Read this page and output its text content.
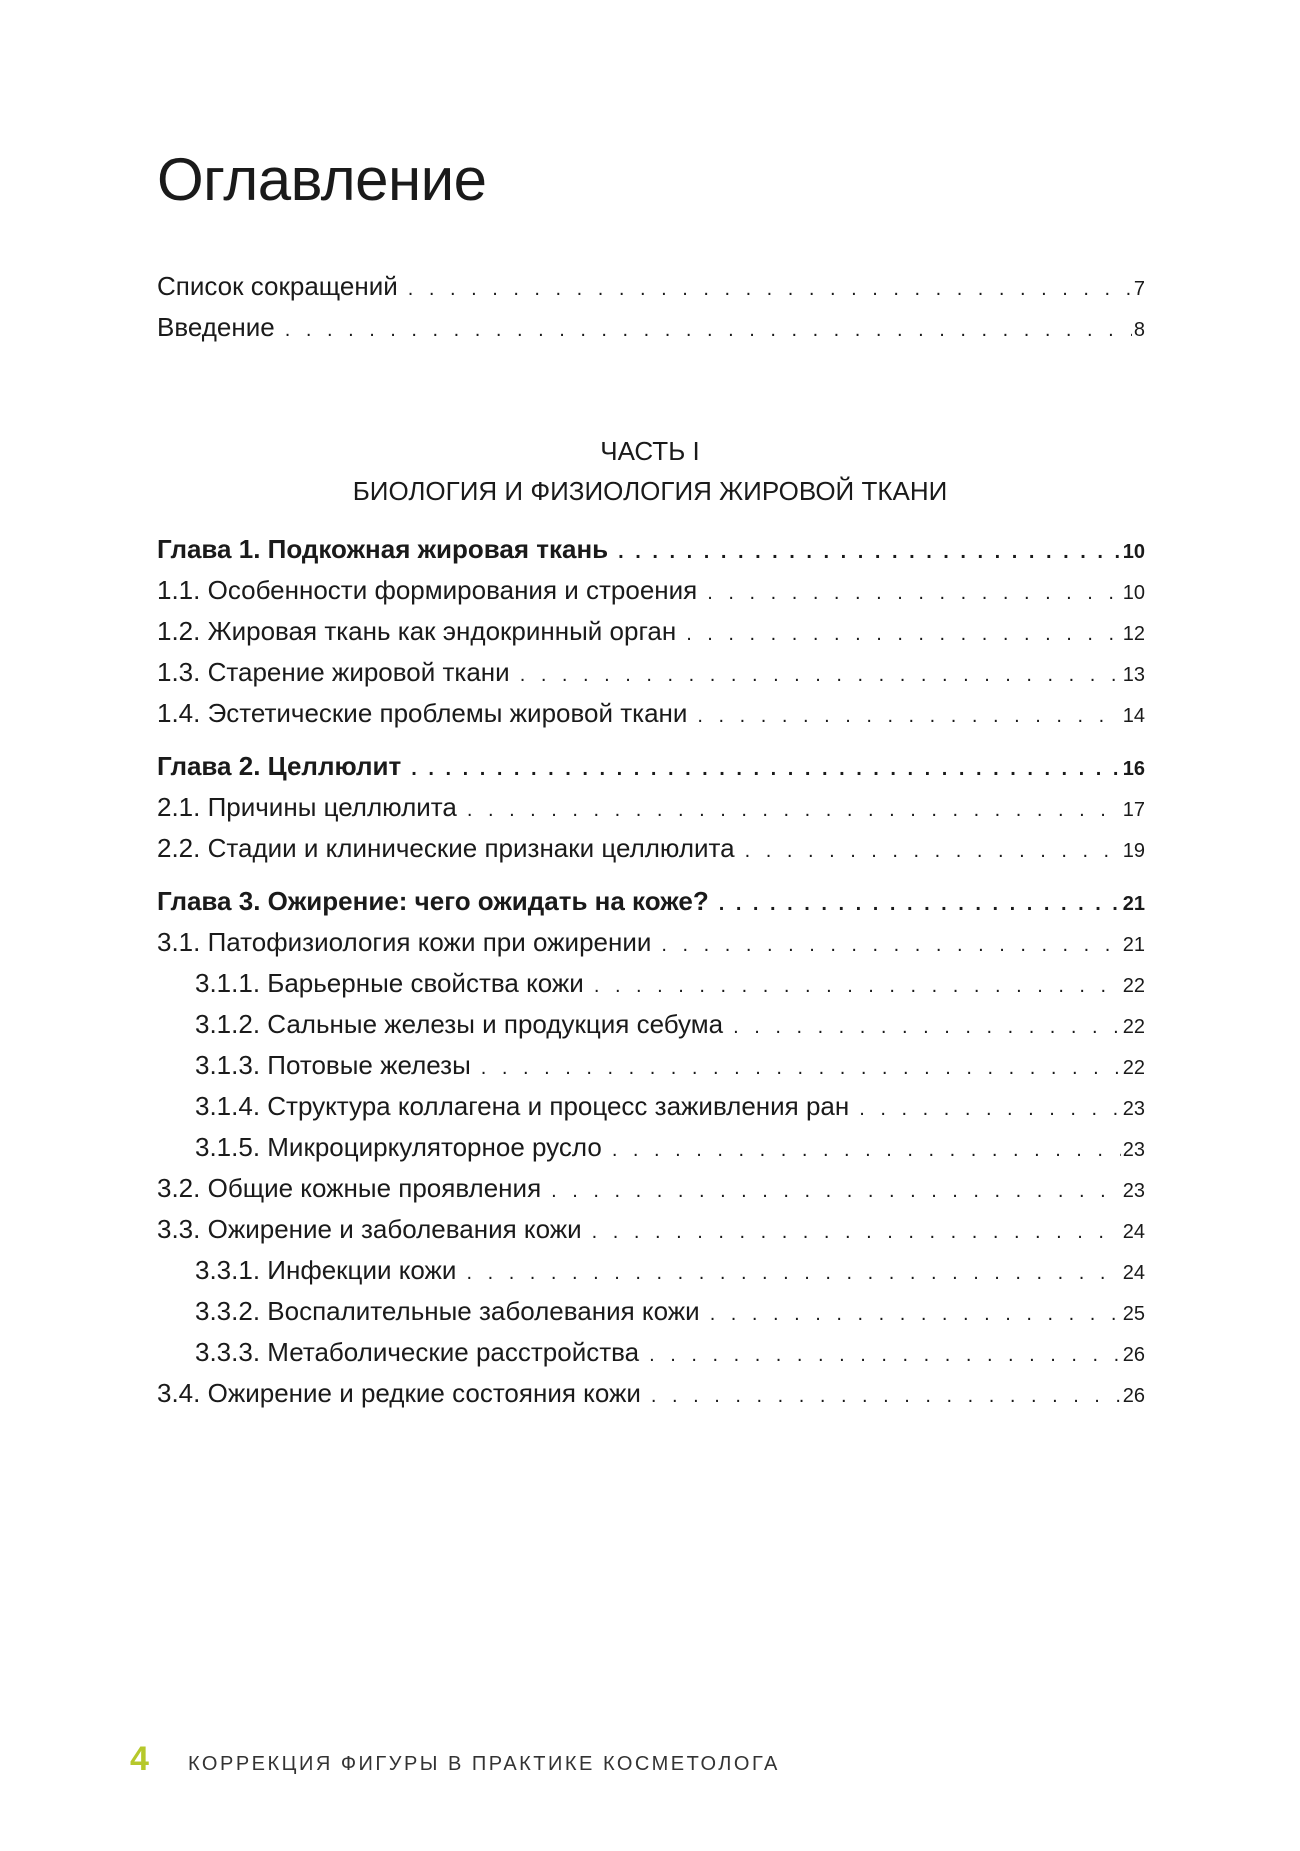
Оглавление
Список сокращений . . .	7
Введение . . .	8
ЧАСТЬ I
БИОЛОГИЯ И ФИЗИОЛОГИЯ ЖИРОВОЙ ТКАНИ
Глава 1. Подкожная жировая ткань . . .	10
1.1. Особенности формирования и строения . . .	10
1.2. Жировая ткань как эндокринный орган . . .	12
1.3. Старение жировой ткани . . .	13
1.4. Эстетические проблемы жировой ткани . . .	14
Глава 2. Целлюлит . . .	16
2.1. Причины целлюлита . . .	17
2.2. Стадии и клинические признаки целлюлита . . .	19
Глава 3. Ожирение: чего ожидать на коже? . . .	21
3.1. Патофизиология кожи при ожирении . . .	21
3.1.1. Барьерные свойства кожи . . .	22
3.1.2. Сальные железы и продукция себума . . .	22
3.1.3. Потовые железы . . .	22
3.1.4. Структура коллагена и процесс заживления ран . . .	23
3.1.5. Микроциркуляторное русло . . .	23
3.2. Общие кожные проявления . . .	23
3.3. Ожирение и заболевания кожи . . .	24
3.3.1. Инфекции кожи . . .	24
3.3.2. Воспалительные заболевания кожи . . .	25
3.3.3. Метаболические расстройства . . .	26
3.4. Ожирение и редкие состояния кожи . . .	26
4	КОРРЕКЦИЯ ФИГУРЫ В ПРАКТИКЕ КОСМЕТОЛОГА
